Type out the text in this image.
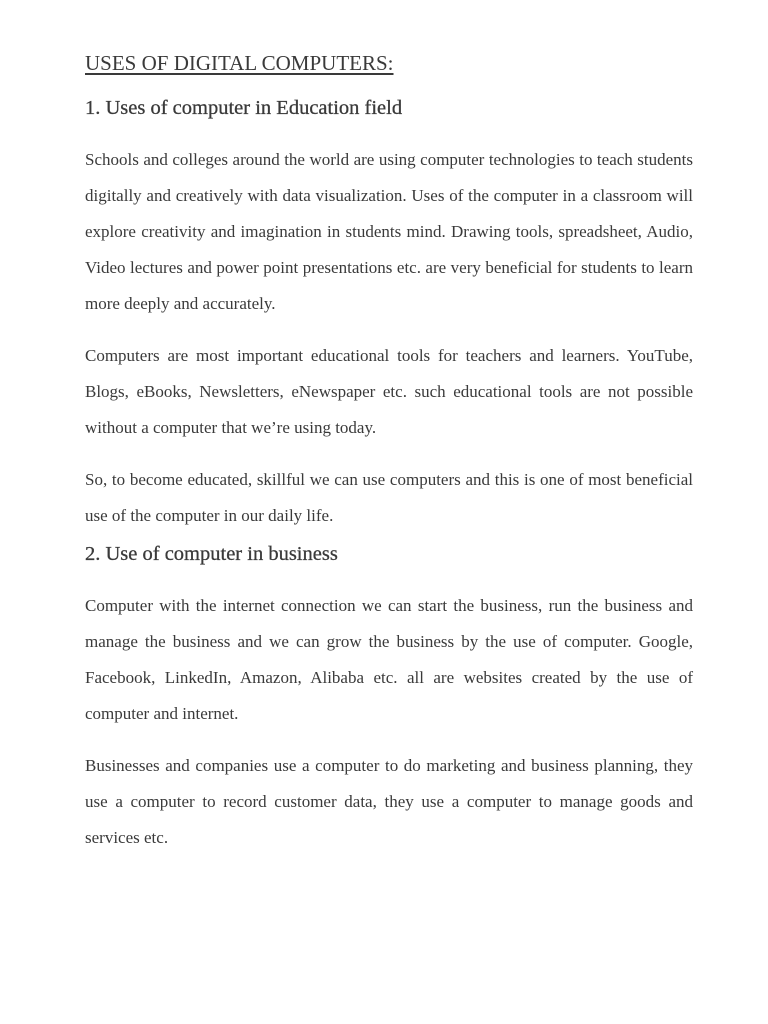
USES OF DIGITAL COMPUTERS:
1. Uses of computer in Education field

Schools and colleges around the world are using computer technologies to teach students digitally and creatively with data visualization. Uses of the computer in a classroom will explore creativity and imagination in students mind. Drawing tools, spreadsheet, Audio, Video lectures and power point presentations etc. are very beneficial for students to learn more deeply and accurately.

Computers are most important educational tools for teachers and learners. YouTube, Blogs, eBooks, Newsletters, eNewspaper etc. such educational tools are not possible without a computer that we’re using today.

So, to become educated, skillful we can use computers and this is one of most beneficial use of the computer in our daily life.

2. Use of computer in business

Computer with the internet connection we can start the business, run the business and manage the business and we can grow the business by the use of computer. Google, Facebook, LinkedIn, Amazon, Alibaba etc. all are websites created by the use of computer and internet.

Businesses and companies use a computer to do marketing and business planning, they use a computer to record customer data, they use a computer to manage goods and services etc.
